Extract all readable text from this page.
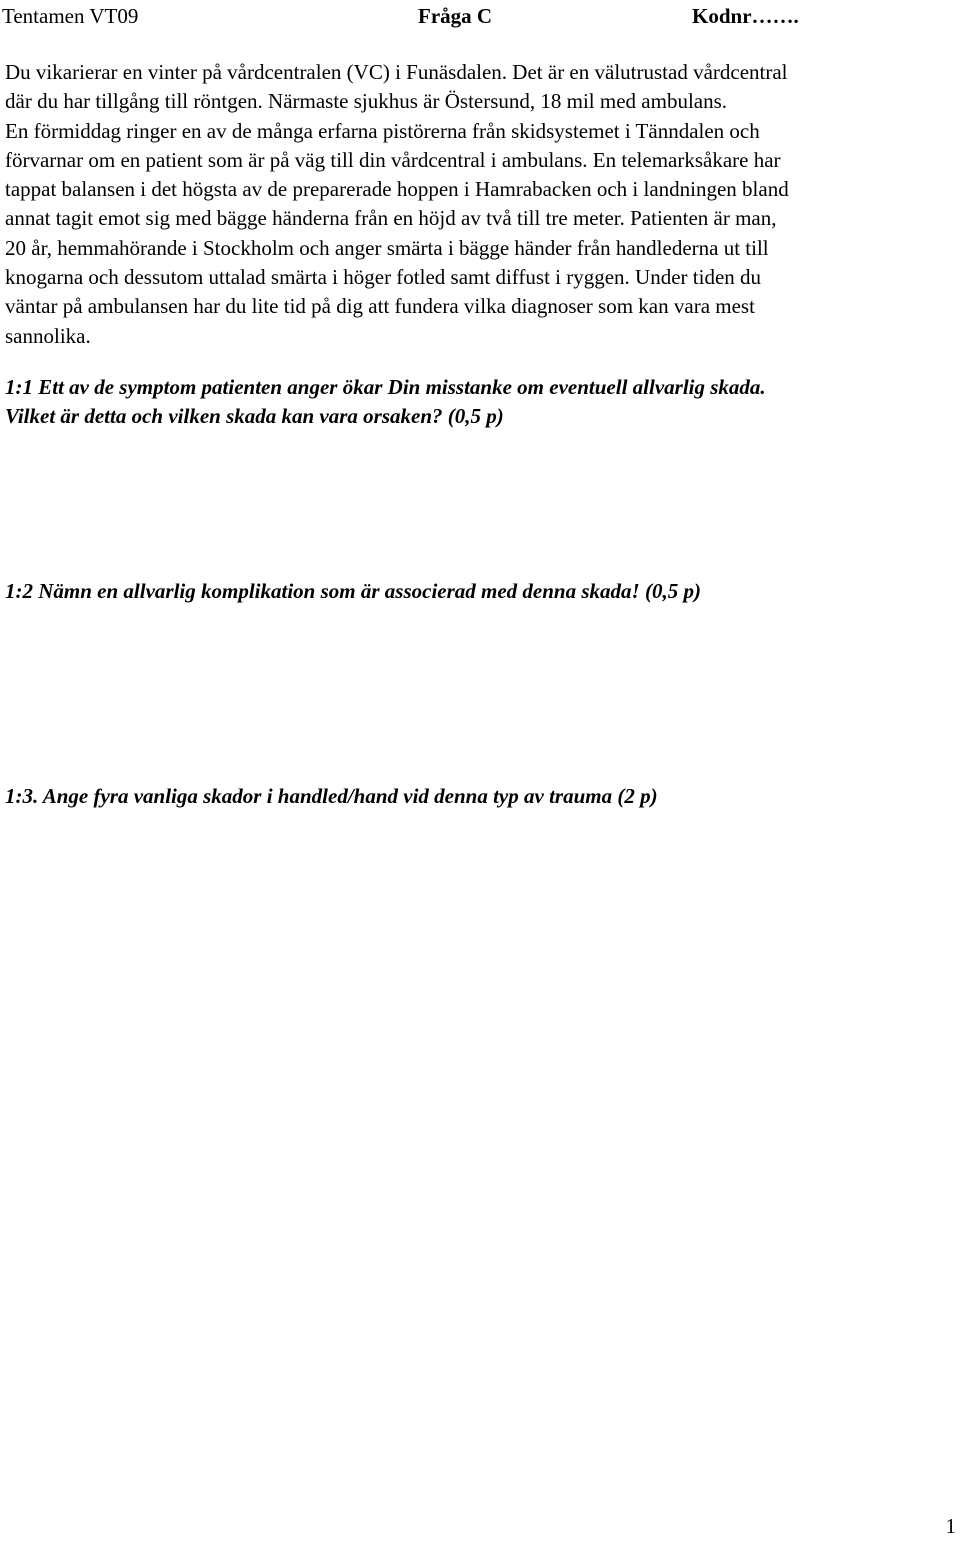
Tentamen VT09	Fråga C	Kodnr…….

Du vikarierar en vinter på vårdcentralen (VC) i Funäsdalen. Det är en välutrustad vårdcentral
där du har tillgång till röntgen. Närmaste sjukhus är Östersund, 18 mil med ambulans.
En förmiddag ringer en av de många erfarna pistörerna från skidsystemet i Tänndalen och
förvarnar om en patient som är på väg till din vårdcentral i ambulans. En telemarksåkare har
tappat balansen i det högsta av de preparerade hoppen i Hamrabacken och i landningen bland
annat tagit emot sig med bägge händerna från en höjd av två till tre meter. Patienten är man,
20 år, hemmahörande i Stockholm och anger smärta i bägge händer från handlederna ut till
knogarna och dessutom uttalad smärta i höger fotled samt diffust i ryggen. Under tiden du
väntar på ambulansen har du lite tid på dig att fundera vilka diagnoser som kan vara mest
sannolika.

1:1 Ett av de symptom patienten anger ökar Din misstanke om eventuell allvarlig skada.
Vilket är detta och vilken skada kan vara orsaken? (0,5 p)

1:2 Nämn en allvarlig komplikation som är associerad med denna skada! (0,5 p)

1:3. Ange fyra vanliga skador i handled/hand vid denna typ av trauma (2 p)

1
